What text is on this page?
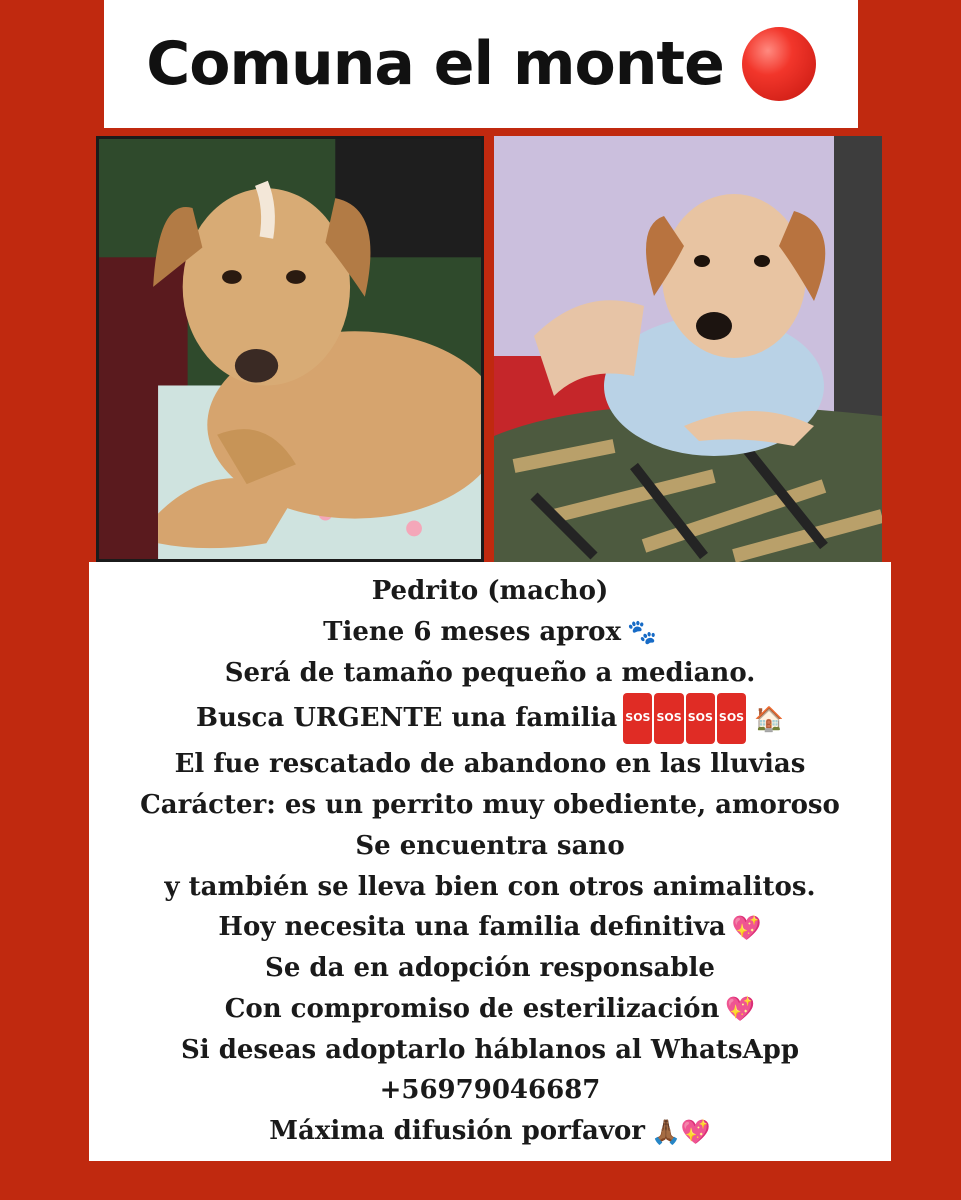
Comuna el monte
Pedrito (macho)
Tiene 6 meses aprox 🐾
Será de tamaño pequeño a mediano.
Busca URGENTE una familia SOS SOS SOS SOS 🏠
El fue rescatado de abandono en las lluvias
Carácter: es un perrito muy obediente, amoroso
Se encuentra sano
y también se lleva bien con otros animalitos.
Hoy necesita una familia definitiva 💖
Se da en adopción responsable
Con compromiso de esterilización 💖
Si deseas adoptarlo háblanos al WhatsApp
+56979046687
Máxima difusión porfavor 🙏🏾💖
